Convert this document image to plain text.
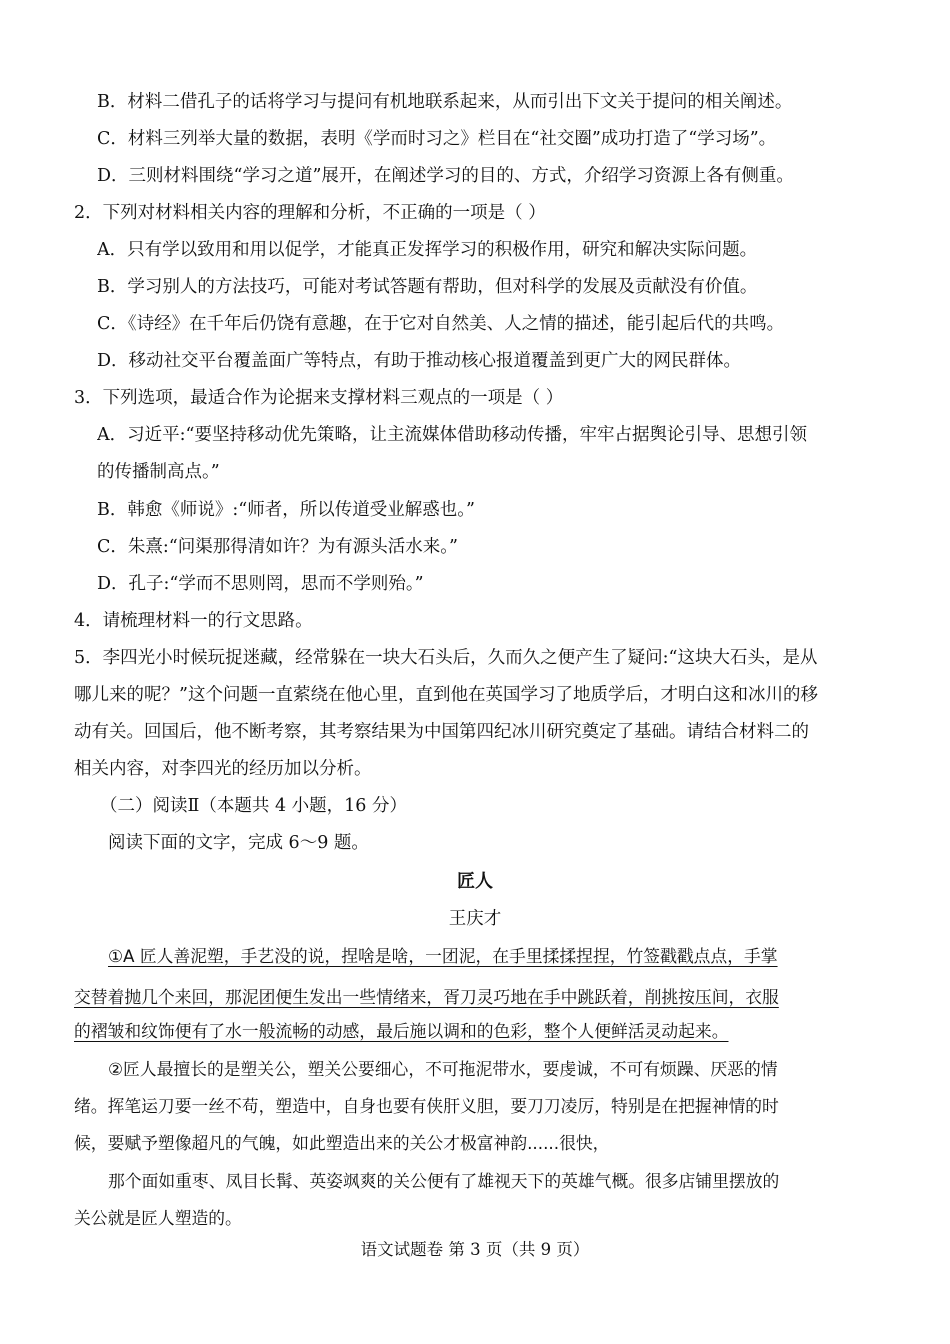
B．材料二借孔子的话将学习与提问有机地联系起来，从而引出下文关于提问的相关阐述。
C．材料三列举大量的数据，表明《学而时习之》栏目在“社交圈”成功打造了“学习场”。
D．三则材料围绕“学习之道”展开，在阐述学习的目的、方式，介绍学习资源上各有侧重。
2．下列对材料相关内容的理解和分析，不正确的一项是（ ）
A．只有学以致用和用以促学，才能真正发挥学习的积极作用，研究和解决实际问题。
B．学习别人的方法技巧，可能对考试答题有帮助，但对科学的发展及贡献没有价值。
C．《诗经》在千年后仍饶有意趣，在于它对自然美、人之情的描述，能引起后代的共鸣。
D．移动社交平台覆盖面广等特点，有助于推动核心报道覆盖到更广大的网民群体。
3．下列选项，最适合作为论据来支撑材料三观点的一项是（ ）
A．习近平:“要坚持移动优先策略，让主流媒体借助移动传播，牢牢占据舆论引导、思想引领
的传播制高点。”
B．韩愈《师说》:“师者，所以传道受业解惑也。”
C．朱熹:“问渠那得清如许？为有源头活水来。”
D．孔子:“学而不思则罔，思而不学则殆。”
4．请梳理材料一的行文思路。
5．李四光小时候玩捉迷藏，经常躲在一块大石头后，久而久之便产生了疑问:“这块大石头，是从
哪儿来的呢？”这个问题一直萦绕在他心里，直到他在英国学习了地质学后，才明白这和冰川的移
动有关。回国后，他不断考察，其考察结果为中国第四纪冰川研究奠定了基础。请结合材料二的
相关内容，对李四光的经历加以分析。
（二）阅读Ⅱ（本题共 4 小题，16 分）
阅读下面的文字，完成 6～9 题。
匠人
王庆才
①A 匠人善泥塑，手艺没的说，捏啥是啥，一团泥，在手里揉揉捏捏，竹签戳戳点点，手掌
交替着抛几个来回，那泥团便生发出一些情绪来，胥刀灵巧地在手中跳跃着，削挑按压间，衣服
的褶皱和纹饰便有了水一般流畅的动感，最后施以调和的色彩，整个人便鲜活灵动起来。
②匠人最擅长的是塑关公，塑关公要细心，不可拖泥带水，要虔诚，不可有烦躁、厌恶的情
绪。挥笔运刀要一丝不苟，塑造中，自身也要有侠肝义胆，要刀刀凌厉，特别是在把握神情的时
候，要赋予塑像超凡的气魄，如此塑造出来的关公才极富神韵......很快，
那个面如重枣、凤目长髯、英姿飒爽的关公便有了雄视天下的英雄气概。很多店铺里摆放的
关公就是匠人塑造的。
语文试题卷 第 3 页（共 9 页）
